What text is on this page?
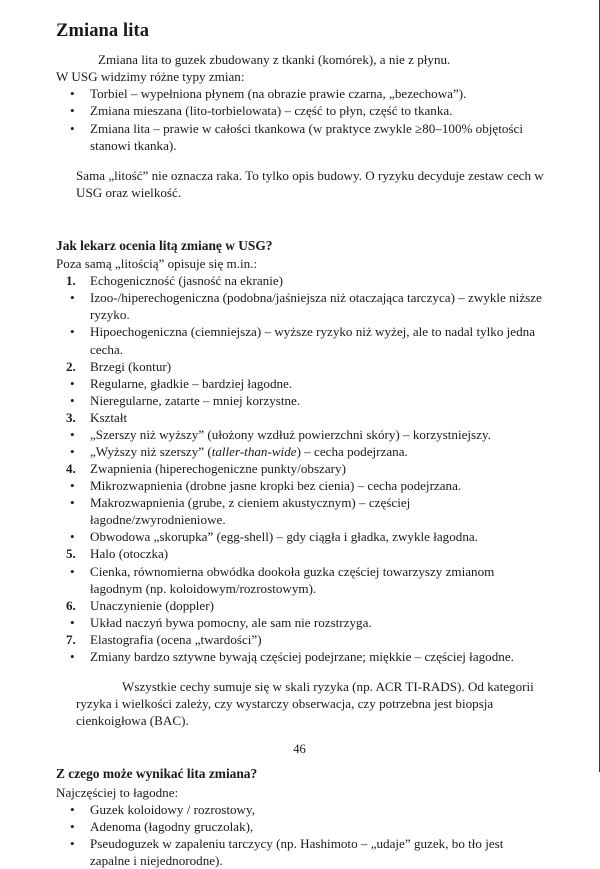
Zmiana lita

Zmiana lita to guzek zbudowany z tkanki (komórek), a nie z płynu.

W USG widzimy różne typy zmian:

•	Torbiel – wypełniona płynem (na obrazie prawie czarna, „bezechowa”).
•	Zmiana mieszana (lito-torbielowata) – część to płyn, część to tkanka.
•	Zmiana lita – prawie w całości tkankowa (w praktyce zwykle ≥80–100% objętości stanowi tkanka).

Sama „litość” nie oznacza raka. To tylko opis budowy. O ryzyku decyduje zestaw cech w USG oraz wielkość.

Jak lekarz ocenia litą zmianę w USG?

Poza samą „litością” opisuje się m.in.:

1.	Echogeniczność (jasność na ekranie)
•	Izoo-/hiperechogeniczna (podobna/jaśniejsza niż otaczająca tarczyca) – zwykle niższe ryzyko.
•	Hipoechogeniczna (ciemniejsza) – wyższe ryzyko niż wyżej, ale to nadal tylko jedna cecha.
2.	Brzegi (kontur)
•	Regularne, gładkie – bardziej łagodne.
•	Nieregularne, zatarte – mniej korzystne.
3.	Kształt
•	„Szerszy niż wyższy” (ułożony wzdłuż powierzchni skóry) – korzystniejszy.
•	„Wyższy niż szerszy” (taller-than-wide) – cecha podejrzana.
4.	Zwapnienia (hiperechogeniczne punkty/obszary)
•	Mikrozwapnienia (drobne jasne kropki bez cienia) – cecha podejrzana.
•	Makrozwapnienia (grube, z cieniem akustycznym) – częściej łagodne/zwyrodnieniowe.
•	Obwodowa „skorupka” (egg-shell) – gdy ciągła i gładka, zwykle łagodna.
5.	Halo (otoczka)
•	Cienka, równomierna obwódka dookoła guzka częściej towarzyszy zmianom łagodnym (np. koloidowym/rozrostowym).
6.	Unaczynienie (doppler)
•	Układ naczyń bywa pomocny, ale sam nie rozstrzyga.
7.	Elastografia (ocena „twardości”)
•	Zmiany bardzo sztywne bywają częściej podejrzane; miękkie – częściej łagodne.

Wszystkie cechy sumuje się w skali ryzyka (np. ACR TI-RADS). Od kategorii ryzyka i wielkości zależy, czy wystarczy obserwacja, czy potrzebna jest biopsja cienkoigłowa (BAC).

Z czego może wynikać lita zmiana?

Najczęściej to łagodne:

•	Guzek koloidowy / rozrostowy,
•	Adenoma (łagodny gruczolak),
•	Pseudoguzek w zapaleniu tarczycy (np. Hashimoto – „udaje” guzek, bo tło jest zapalne i niejednorodne).
46
